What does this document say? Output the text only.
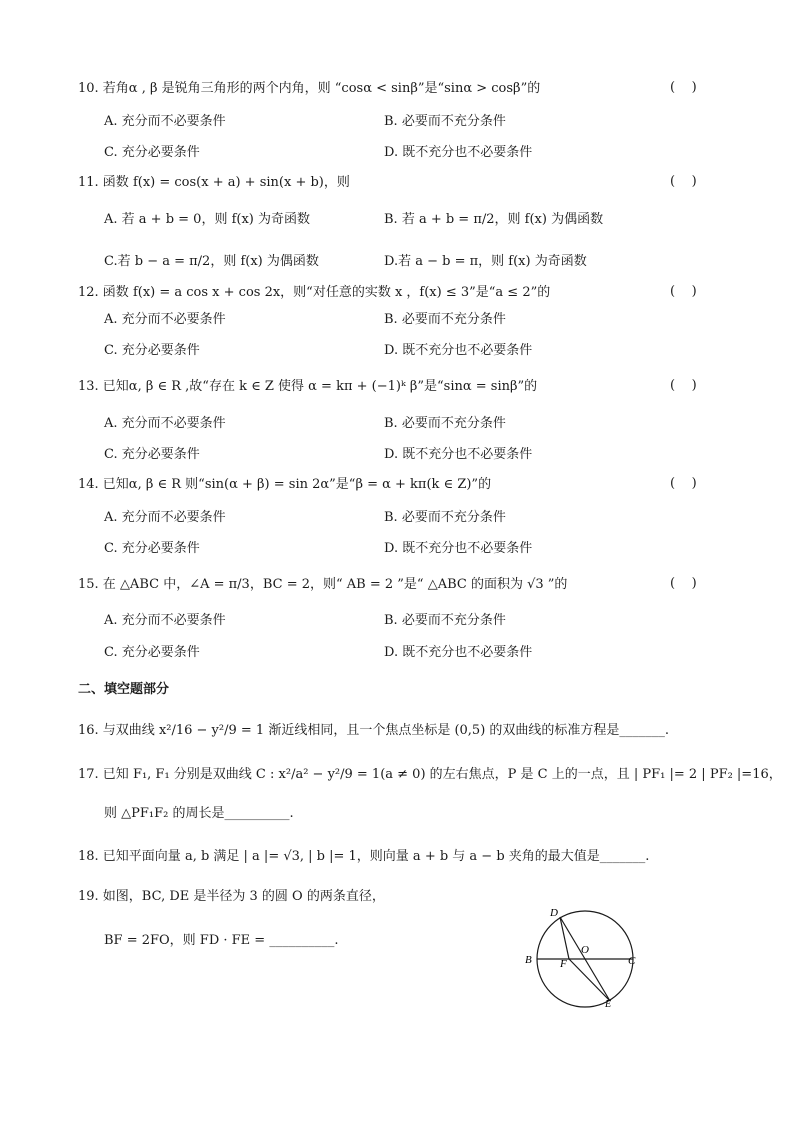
10. 若角α , β 是锐角三角形的两个内角，则 “cosα < sinβ”是“sinα > cosβ”的	(    )
A. 充分而不必要条件	B. 必要而不充分条件
C. 充分必要条件	D. 既不充分也不必要条件
11. 函数 f(x) = cos(x + a) + sin(x + b)，则	(    )
A. 若 a + b = 0，则 f(x) 为奇函数	B. 若 a + b = π/2，则 f(x) 为偶函数
C.若 b − a = π/2，则 f(x) 为偶函数	D.若 a − b = π，则 f(x) 为奇函数
12. 函数 f(x) = a cos x + cos 2x，则“对任意的实数 x ，f(x) ≤ 3”是“a ≤ 2”的	(    )
A. 充分而不必要条件	B. 必要而不充分条件
C. 充分必要条件	D. 既不充分也不必要条件
13. 已知α, β ∈ R ,故“存在 k ∈ Z 使得 α = kπ + (−1)ᵏ β”是“sinα = sinβ”的	(    )
A. 充分而不必要条件	B. 必要而不充分条件
C. 充分必要条件	D. 既不充分也不必要条件
14. 已知α, β ∈ R 则“sin(α + β) = sin 2α”是“β = α + kπ(k ∈ Z)”的	(    )
A. 充分而不必要条件	B. 必要而不充分条件
C. 充分必要条件	D. 既不充分也不必要条件
15. 在 △ABC 中，∠A = π/3，BC = 2，则“ AB = 2 ”是“ △ABC 的面积为 √3 ”的	(    )
A. 充分而不必要条件	B. 必要而不充分条件
C. 充分必要条件	D. 既不充分也不必要条件
二、填空题部分
16. 与双曲线 x²/16 − y²/9 = 1 渐近线相同，且一个焦点坐标是 (0,5) 的双曲线的标准方程是_______.
17. 已知 F₁, F₁ 分别是双曲线 C : x²/a² − y²/9 = 1(a ≠ 0) 的左右焦点，P 是 C 上的一点，且 | PF₁ |= 2 | PF₂ |=16，
则 △PF₁F₂ 的周长是__________.
18. 已知平面向量 a, b 满足 | a |= √3, | b |= 1，则向量 a + b 与 a − b 夹角的最大值是_______.
19. 如图，BC, DE 是半径为 3 的圆 O 的两条直径，
BF = 2FO，则 FD · FE = __________.
D
O
B	F	C
E
